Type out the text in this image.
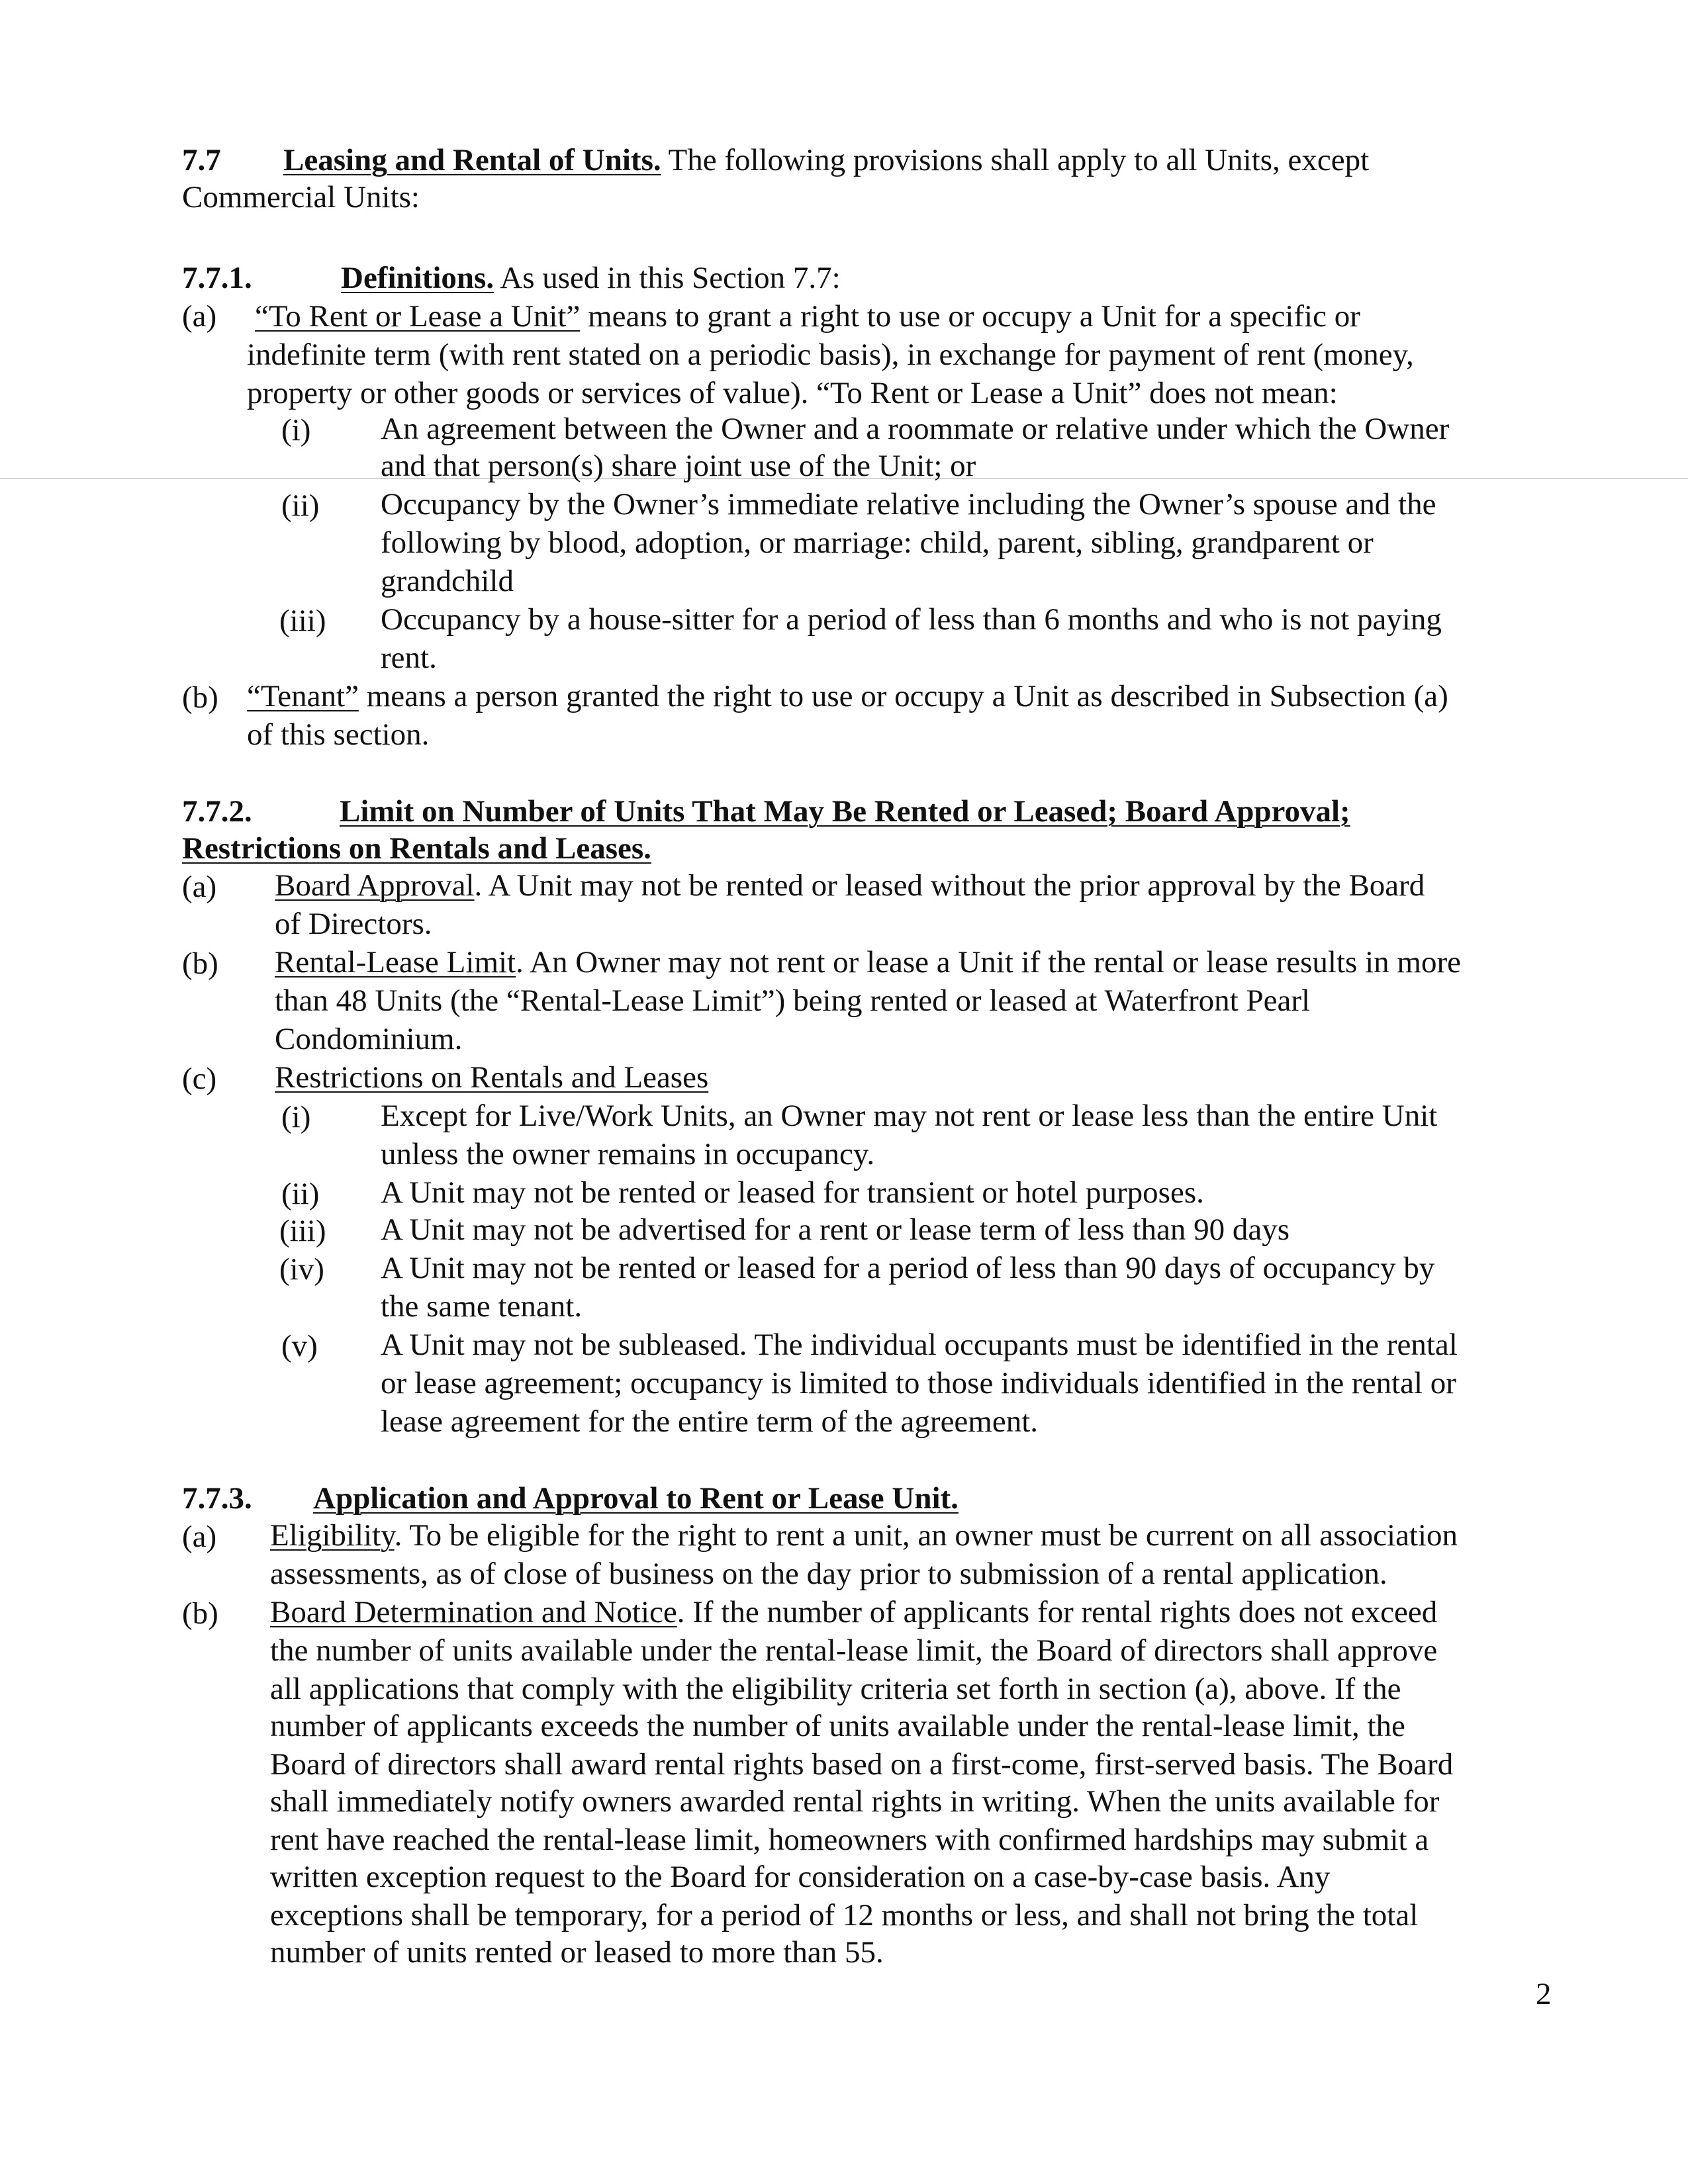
7.7 Leasing and Rental of Units. The following provisions shall apply to all Units, except
Commercial Units:
7.7.1.	Definitions. As used in this Section 7.7:
(a) “To Rent or Lease a Unit” means to grant a right to use or occupy a Unit for a specific or
indefinite term (with rent stated on a periodic basis), in exchange for payment of rent (money,
property or other goods or services of value). “To Rent or Lease a Unit” does not mean:
(i) An agreement between the Owner and a roommate or relative under which the Owner
and that person(s) share joint use of the Unit; or
(ii) Occupancy by the Owner’s immediate relative including the Owner’s spouse and the
following by blood, adoption, or marriage: child, parent, sibling, grandparent or
grandchild
(iii) Occupancy by a house-sitter for a period of less than 6 months and who is not paying
rent.
(b) “Tenant” means a person granted the right to use or occupy a Unit as described in Subsection (a)
of this section.
7.7.2.	Limit on Number of Units That May Be Rented or Leased; Board Approval;
Restrictions on Rentals and Leases.
(a) Board Approval. A Unit may not be rented or leased without the prior approval by the Board
of Directors.
(b) Rental-Lease Limit. An Owner may not rent or lease a Unit if the rental or lease results in more
than 48 Units (the “Rental-Lease Limit”) being rented or leased at Waterfront Pearl
Condominium.
(c) Restrictions on Rentals and Leases
(i) Except for Live/Work Units, an Owner may not rent or lease less than the entire Unit
unless the owner remains in occupancy.
(ii) A Unit may not be rented or leased for transient or hotel purposes.
(iii) A Unit may not be advertised for a rent or lease term of less than 90 days
(iv) A Unit may not be rented or leased for a period of less than 90 days of occupancy by
the same tenant.
(v) A Unit may not be subleased. The individual occupants must be identified in the rental
or lease agreement; occupancy is limited to those individuals identified in the rental or
lease agreement for the entire term of the agreement.
7.7.3. Application and Approval to Rent or Lease Unit.
(a) Eligibility. To be eligible for the right to rent a unit, an owner must be current on all association
assessments, as of close of business on the day prior to submission of a rental application.
(b) Board Determination and Notice. If the number of applicants for rental rights does not exceed
the number of units available under the rental-lease limit, the Board of directors shall approve
all applications that comply with the eligibility criteria set forth in section (a), above. If the
number of applicants exceeds the number of units available under the rental-lease limit, the
Board of directors shall award rental rights based on a first-come, first-served basis. The Board
shall immediately notify owners awarded rental rights in writing. When the units available for
rent have reached the rental-lease limit, homeowners with confirmed hardships may submit a
written exception request to the Board for consideration on a case-by-case basis. Any
exceptions shall be temporary, for a period of 12 months or less, and shall not bring the total
number of units rented or leased to more than 55.
2
